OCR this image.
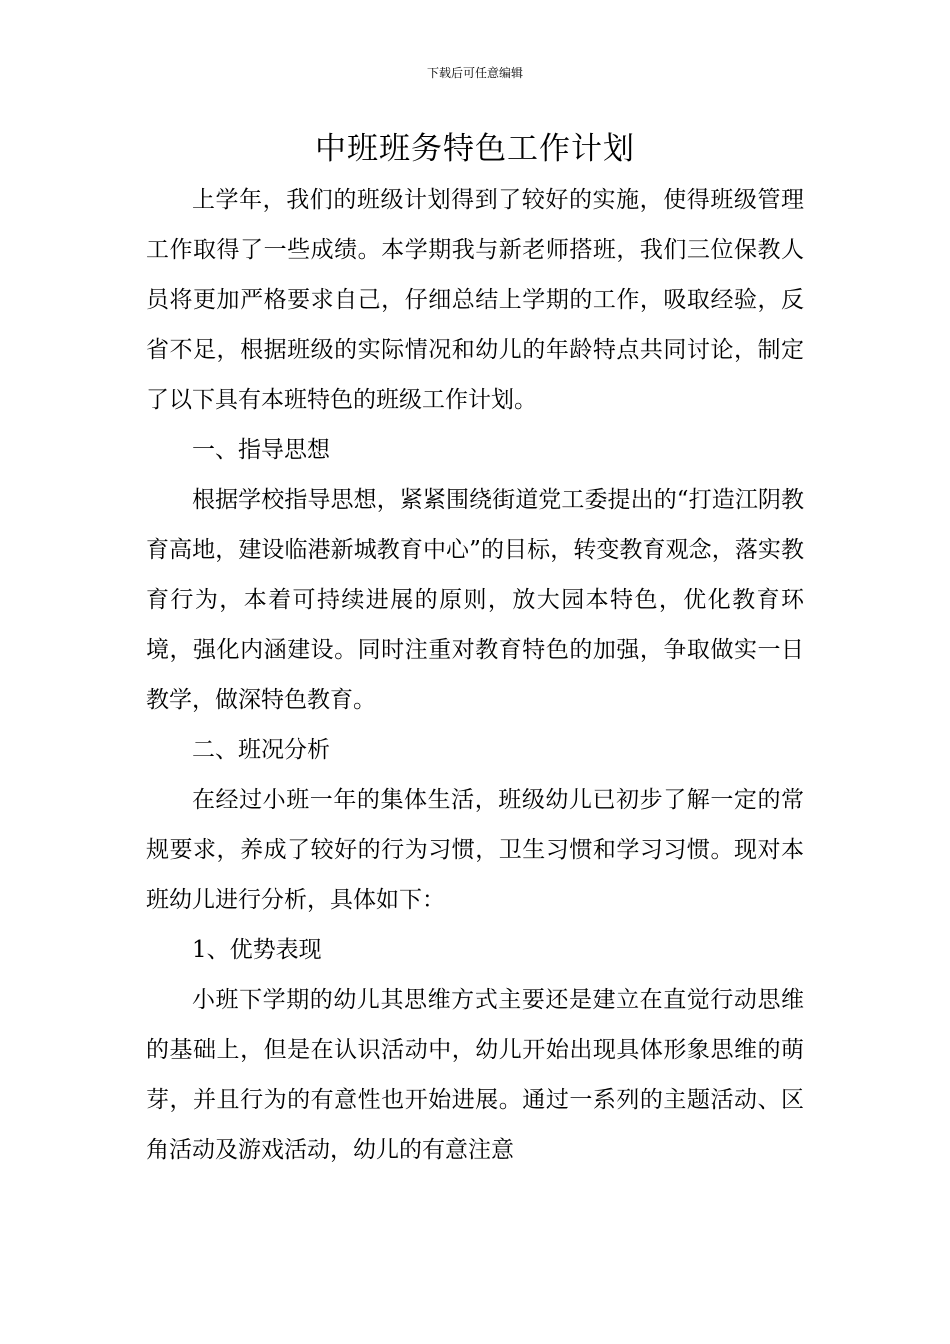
下载后可任意编辑
中班班务特色工作计划

上学年，我们的班级计划得到了较好的实施，使得班级管理工作取得了一些成绩。本学期我与新老师搭班，我们三位保教人员将更加严格要求自己，仔细总结上学期的工作，吸取经验，反省不足，根据班级的实际情况和幼儿的年龄特点共同讨论，制定了以下具有本班特色的班级工作计划。

一、指导思想

根据学校指导思想，紧紧围绕街道党工委提出的“打造江阴教育高地，建设临港新城教育中心”的目标，转变教育观念，落实教育行为，本着可持续进展的原则，放大园本特色，优化教育环境，强化内涵建设。同时注重对教育特色的加强，争取做实一日教学，做深特色教育。

二、班况分析

在经过小班一年的集体生活，班级幼儿已初步了解一定的常规要求，养成了较好的行为习惯，卫生习惯和学习习惯。现对本班幼儿进行分析，具体如下：

1、优势表现

小班下学期的幼儿其思维方式主要还是建立在直觉行动思维的基础上，但是在认识活动中，幼儿开始出现具体形象思维的萌芽，并且行为的有意性也开始进展。通过一系列的主题活动、区角活动及游戏活动，幼儿的有意注意
